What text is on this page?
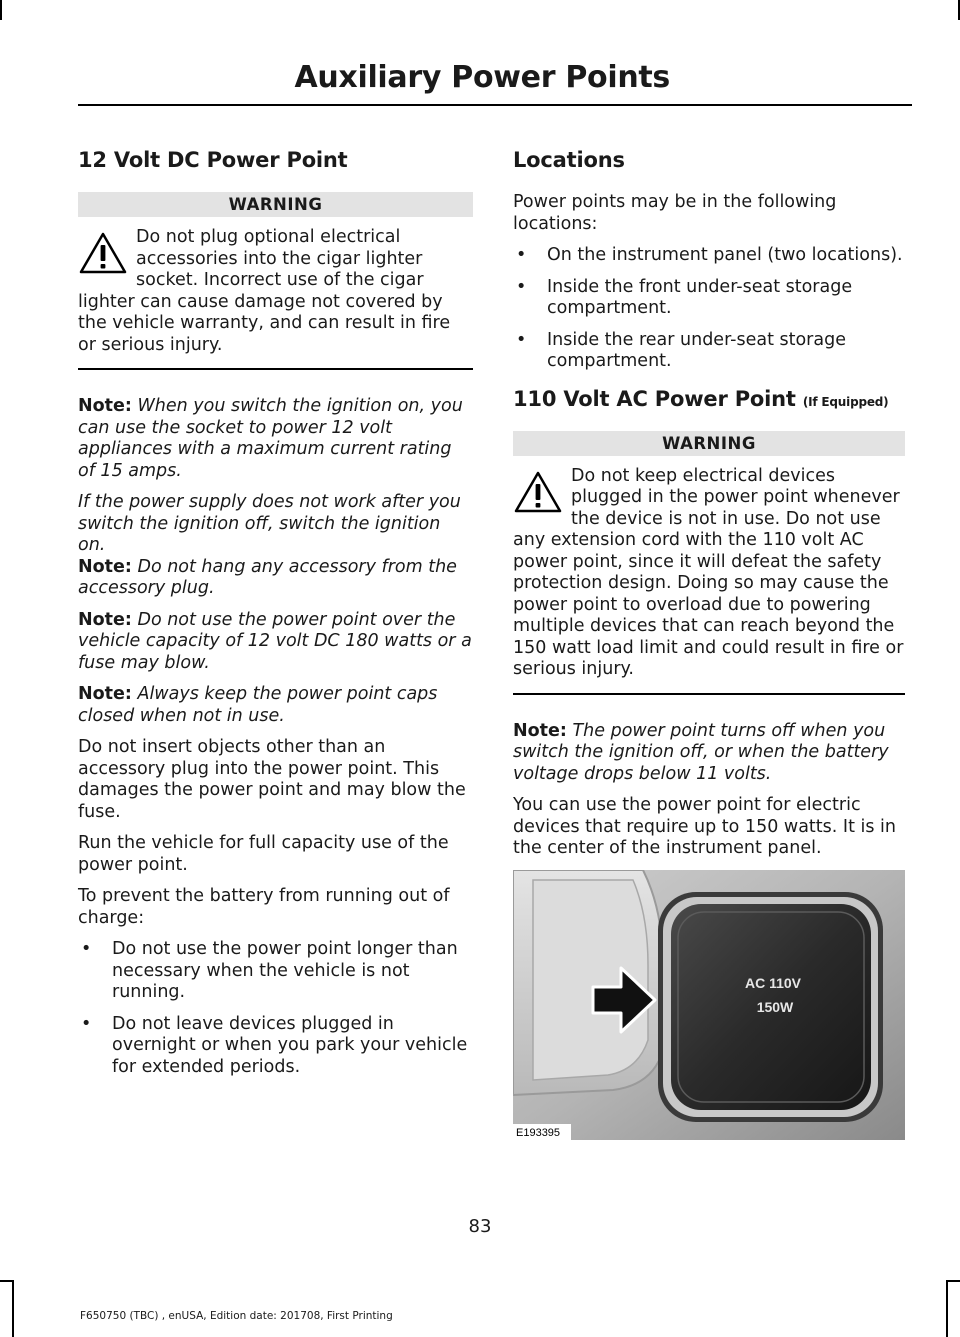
Auxiliary Power Points
12 Volt DC Power Point
WARNING
Do not plug optional electrical accessories into the cigar lighter socket. Incorrect use of the cigar lighter can cause damage not covered by the vehicle warranty, and can result in fire or serious injury.

Note: When you switch the ignition on, you can use the socket to power 12 volt appliances with a maximum current rating of 15 amps.

If the power supply does not work after you switch the ignition off, switch the ignition on.

Note: Do not hang any accessory from the accessory plug.

Note: Do not use the power point over the vehicle capacity of 12 volt DC 180 watts or a fuse may blow.

Note: Always keep the power point caps closed when not in use.

Do not insert objects other than an accessory plug into the power point. This damages the power point and may blow the fuse.

Run the vehicle for full capacity use of the power point.

To prevent the battery from running out of charge:

• Do not use the power point longer than necessary when the vehicle is not running.
• Do not leave devices plugged in overnight or when you park your vehicle for extended periods.
Locations

Power points may be in the following locations:

• On the instrument panel (two locations).
• Inside the front under-seat storage compartment.
• Inside the rear under-seat storage compartment.
110 Volt AC Power Point (If Equipped)
WARNING
Do not keep electrical devices plugged in the power point whenever the device is not in use. Do not use any extension cord with the 110 volt AC power point, since it will defeat the safety protection design. Doing so may cause the power point to overload due to powering multiple devices that can reach beyond the 150 watt load limit and could result in fire or serious injury.

Note: The power point turns off when you switch the ignition off, or when the battery voltage drops below 11 volts.

You can use the power point for electric devices that require up to 150 watts. It is in the center of the instrument panel.

AC 110V
150W
E193395
83
F650750 (TBC) , enUSA, Edition date: 201708, First Printing
